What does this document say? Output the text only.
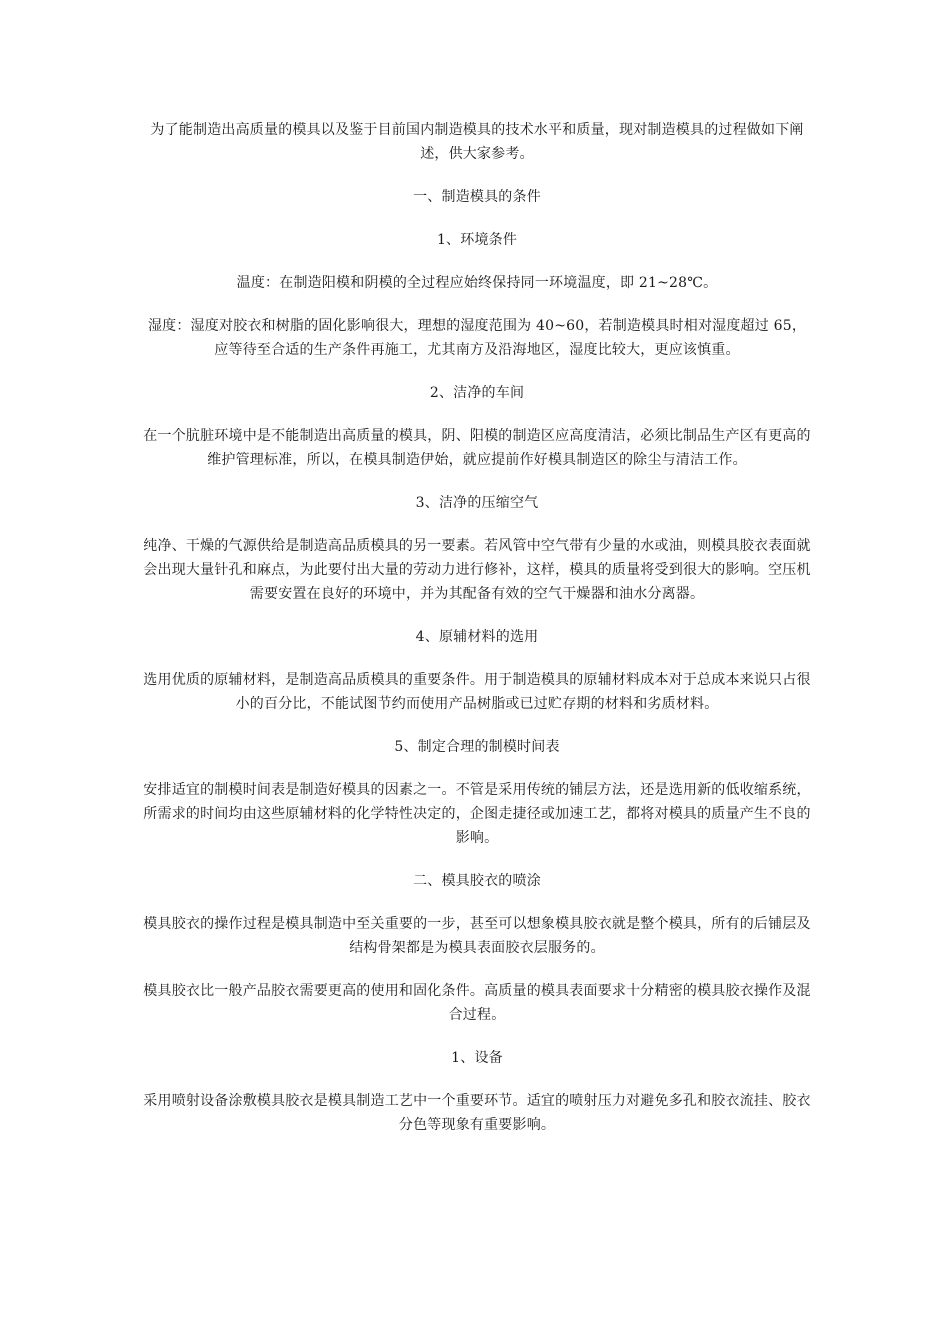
为了能制造出高质量的模具以及鉴于目前国内制造模具的技术水平和质量，现对制造模具的过程做如下阐述，供大家参考。

一、制造模具的条件

1、环境条件

温度：在制造阳模和阴模的全过程应始终保持同一环境温度，即 21~28℃。

湿度：湿度对胶衣和树脂的固化影响很大，理想的湿度范围为 40~60，若制造模具时相对湿度超过 65，应等待至合适的生产条件再施工，尤其南方及沿海地区，湿度比较大，更应该慎重。

2、洁净的车间

在一个肮脏环境中是不能制造出高质量的模具，阴、阳模的制造区应高度清洁，必须比制品生产区有更高的维护管理标准，所以，在模具制造伊始，就应提前作好模具制造区的除尘与清洁工作。

3、洁净的压缩空气

纯净、干燥的气源供给是制造高品质模具的另一要素。若风管中空气带有少量的水或油，则模具胶衣表面就会出现大量针孔和麻点，为此要付出大量的劳动力进行修补，这样，模具的质量将受到很大的影响。空压机需要安置在良好的环境中，并为其配备有效的空气干燥器和油水分离器。

4、原辅材料的选用

选用优质的原辅材料，是制造高品质模具的重要条件。用于制造模具的原辅材料成本对于总成本来说只占很小的百分比，不能试图节约而使用产品树脂或已过贮存期的材料和劣质材料。

5、制定合理的制模时间表

安排适宜的制模时间表是制造好模具的因素之一。不管是采用传统的铺层方法，还是选用新的低收缩系统，所需求的时间均由这些原辅材料的化学特性决定的，企图走捷径或加速工艺，都将对模具的质量产生不良的影响。

二、模具胶衣的喷涂

模具胶衣的操作过程是模具制造中至关重要的一步，甚至可以想象模具胶衣就是整个模具，所有的后铺层及结构骨架都是为模具表面胶衣层服务的。

模具胶衣比一般产品胶衣需要更高的使用和固化条件。高质量的模具表面要求十分精密的模具胶衣操作及混合过程。

1、设备

采用喷射设备涂敷模具胶衣是模具制造工艺中一个重要环节。适宜的喷射压力对避免多孔和胶衣流挂、胶衣分色等现象有重要影响。
